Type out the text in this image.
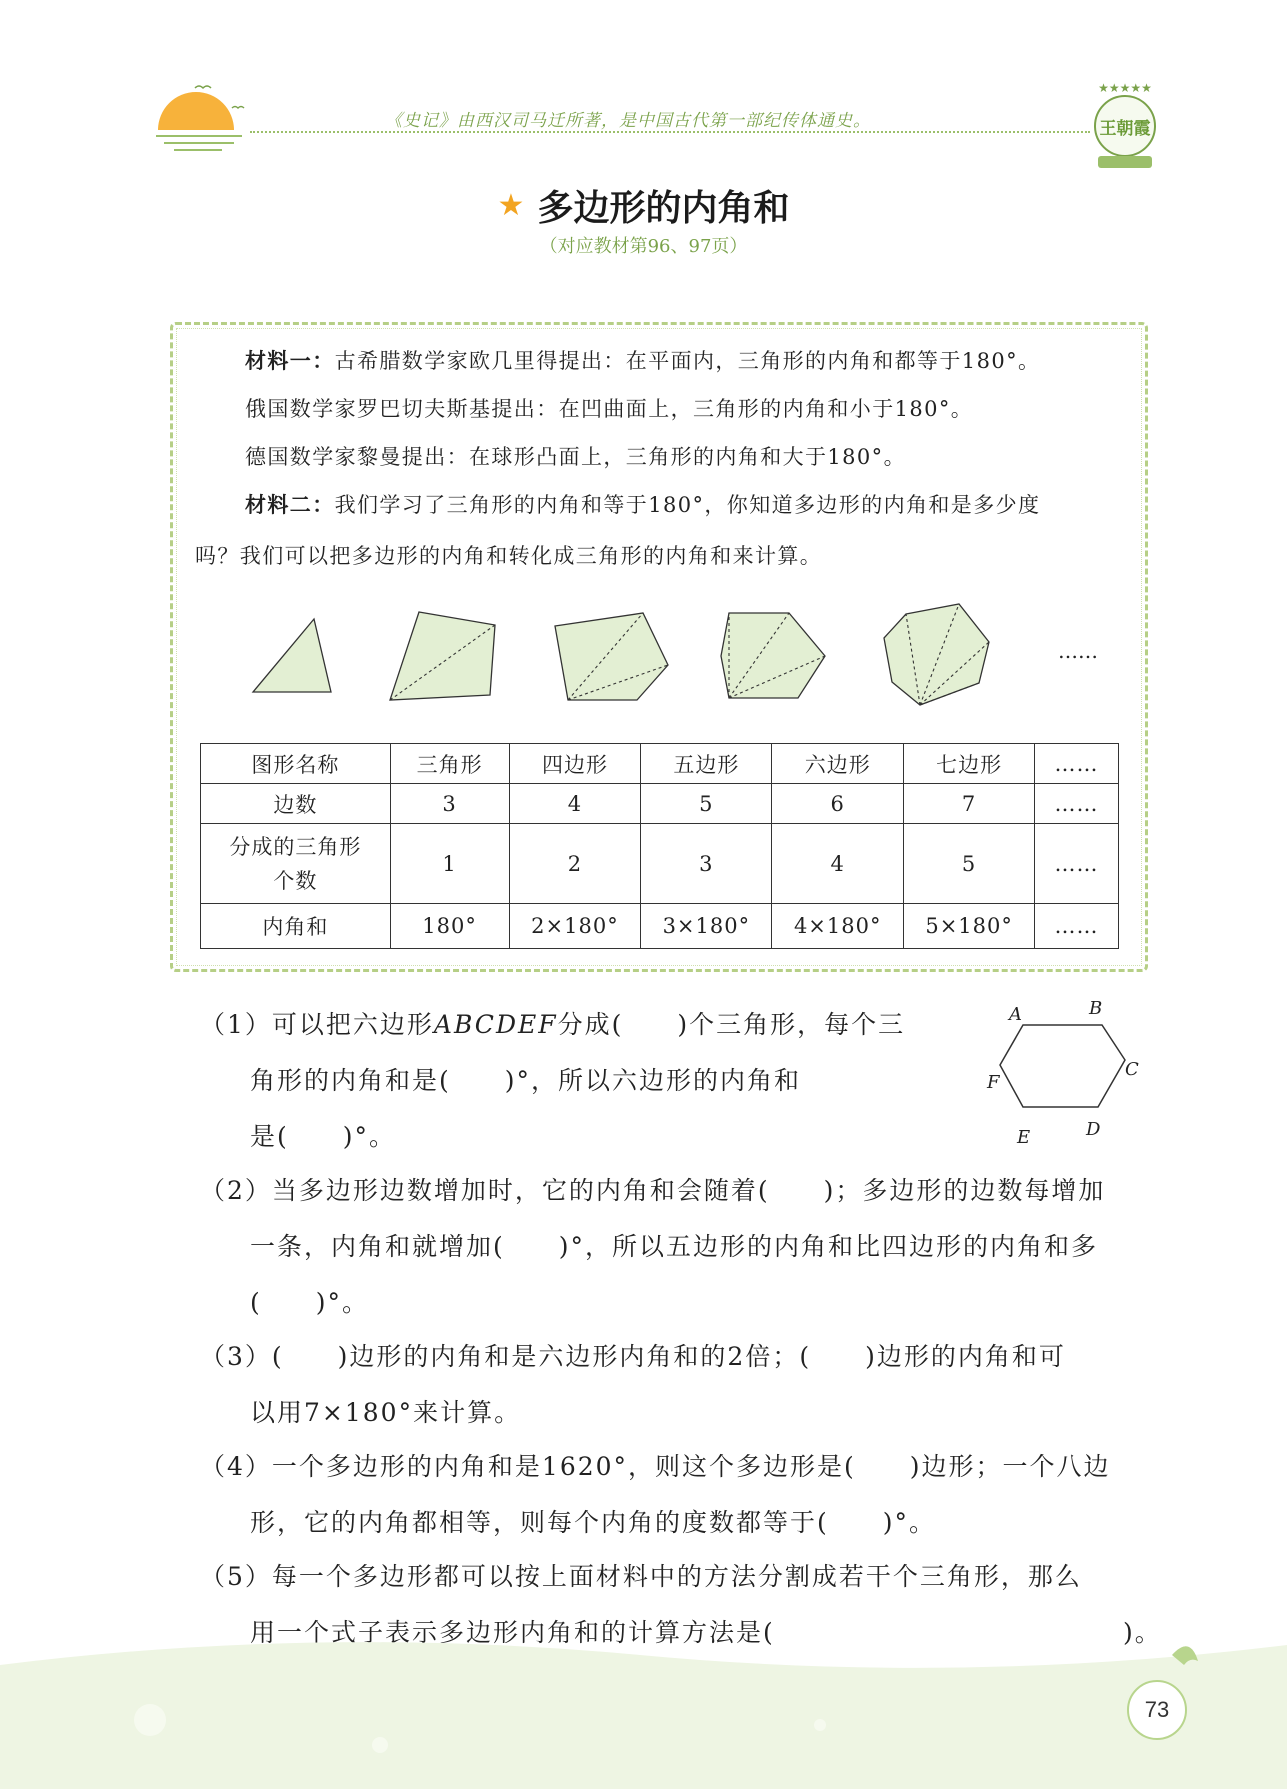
《史记》由西汉司马迁所著，是中国古代第一部纪传体通史。
★★★★★
王朝霞
★ 多边形的内角和
（对应教材第96、97页）
材料一：古希腊数学家欧几里得提出：在平面内，三角形的内角和都等于180°。
俄国数学家罗巴切夫斯基提出：在凹曲面上，三角形的内角和小于180°。
德国数学家黎曼提出：在球形凸面上，三角形的内角和大于180°。
材料二：我们学习了三角形的内角和等于180°，你知道多边形的内角和是多少度
吗？我们可以把多边形的内角和转化成三角形的内角和来计算。
……
图形名称	三角形	四边形	五边形	六边形	七边形	……
边数	3	4	5	6	7	……
分成的三角形个数	1	2	3	4	5	……
内角和	180°	2×180°	3×180°	4×180°	5×180°	……
（1）可以把六边形ABCDEF分成(　　)个三角形，每个三
角形的内角和是(　　)°，所以六边形的内角和
是(　　)°。
A	B
C
D
E
F
（2）当多边形边数增加时，它的内角和会随着(　　)；多边形的边数每增加
一条，内角和就增加(　　)°，所以五边形的内角和比四边形的内角和多
(　　)°。
（3）(　　)边形的内角和是六边形内角和的2倍；(　　)边形的内角和可
以用7×180°来计算。
（4）一个多边形的内角和是1620°，则这个多边形是(　　)边形；一个八边
形，它的内角都相等，则每个内角的度数都等于(　　)°。
（5）每一个多边形都可以按上面材料中的方法分割成若干个三角形，那么
用一个式子表示多边形内角和的计算方法是(	)。
73
